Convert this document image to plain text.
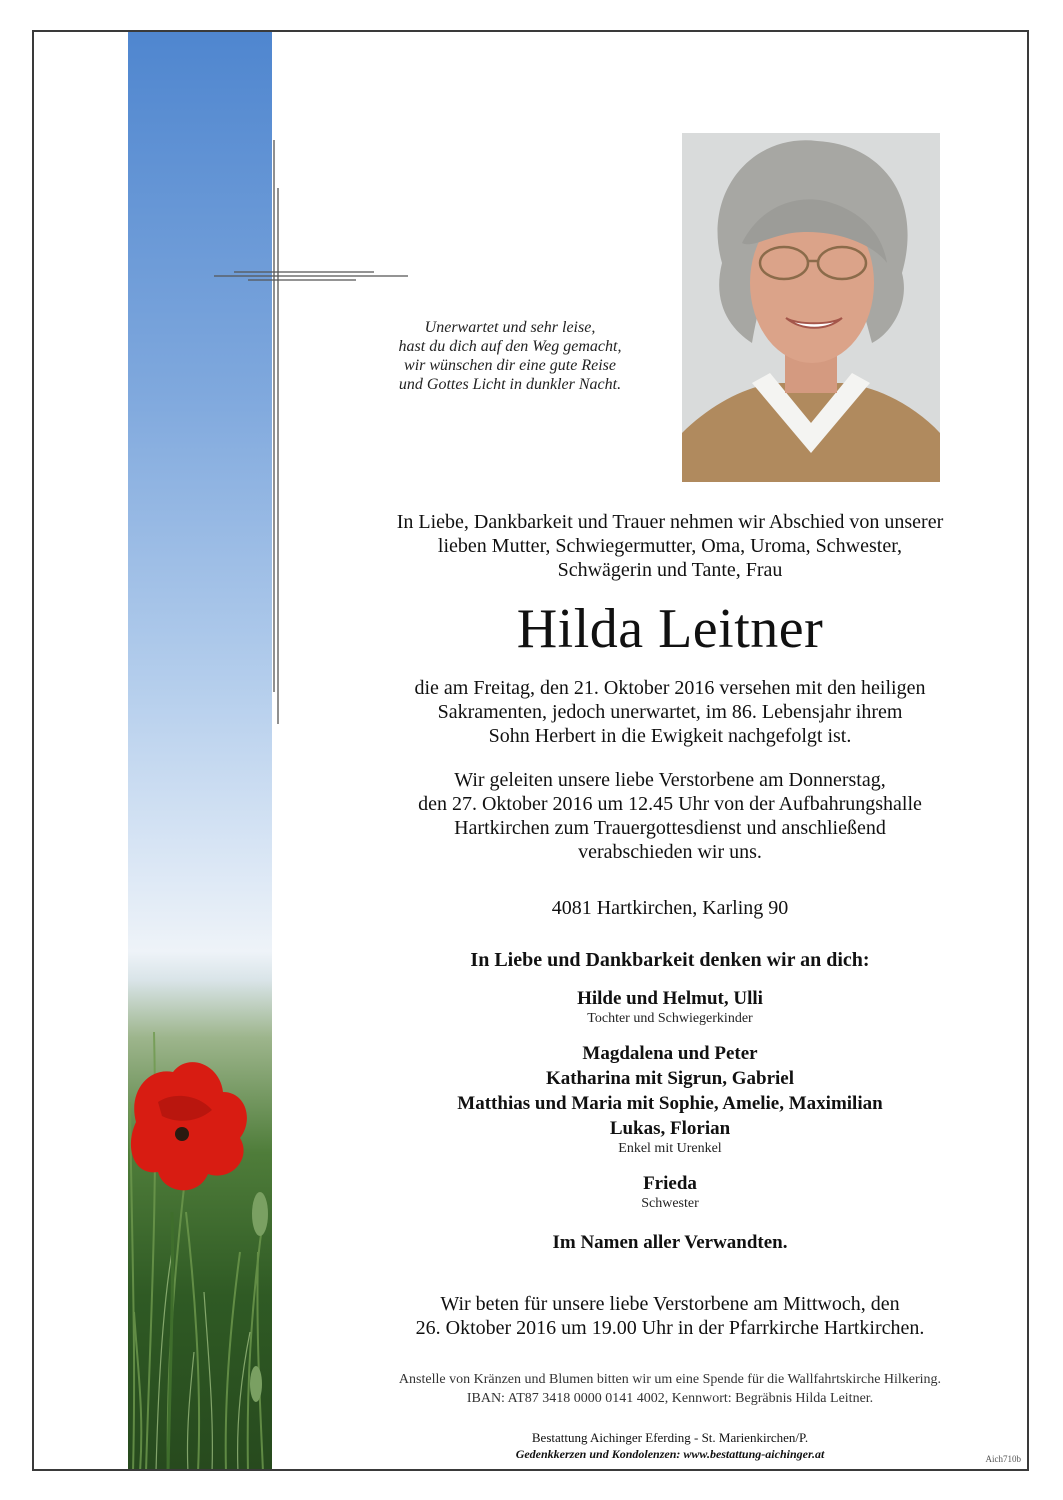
Unerwartet und sehr leise,
hast du dich auf den Weg gemacht,
wir wünschen dir eine gute Reise
und Gottes Licht in dunkler Nacht.
In Liebe, Dankbarkeit und Trauer nehmen wir Abschied von unserer
lieben Mutter, Schwiegermutter, Oma, Uroma, Schwester,
Schwägerin und Tante, Frau
Hilda Leitner
die am Freitag, den 21. Oktober 2016 versehen mit den heiligen
Sakramenten, jedoch unerwartet, im 86. Lebensjahr ihrem
Sohn Herbert in die Ewigkeit nachgefolgt ist.
Wir geleiten unsere liebe Verstorbene am Donnerstag,
den 27. Oktober 2016 um 12.45 Uhr von der Aufbahrungshalle
Hartkirchen zum Trauergottesdienst und anschließend
verabschieden wir uns.
4081 Hartkirchen, Karling 90
In Liebe und Dankbarkeit denken wir an dich:
Hilde und Helmut, Ulli
Tochter und Schwiegerkinder
Magdalena und Peter
Katharina mit Sigrun, Gabriel
Matthias und Maria mit Sophie, Amelie, Maximilian
Lukas, Florian
Enkel mit Urenkel
Frieda
Schwester
Im Namen aller Verwandten.
Wir beten für unsere liebe Verstorbene am Mittwoch, den
26. Oktober 2016 um 19.00 Uhr in der Pfarrkirche Hartkirchen.
Anstelle von Kränzen und Blumen bitten wir um eine Spende für die Wallfahrtskirche Hilkering.
IBAN: AT87 3418 0000 0141 4002, Kennwort: Begräbnis Hilda Leitner.
Bestattung Aichinger Eferding - St. Marienkirchen/P.
Gedenkkerzen und Kondolenzen: www.bestattung-aichinger.at	Aich710b
